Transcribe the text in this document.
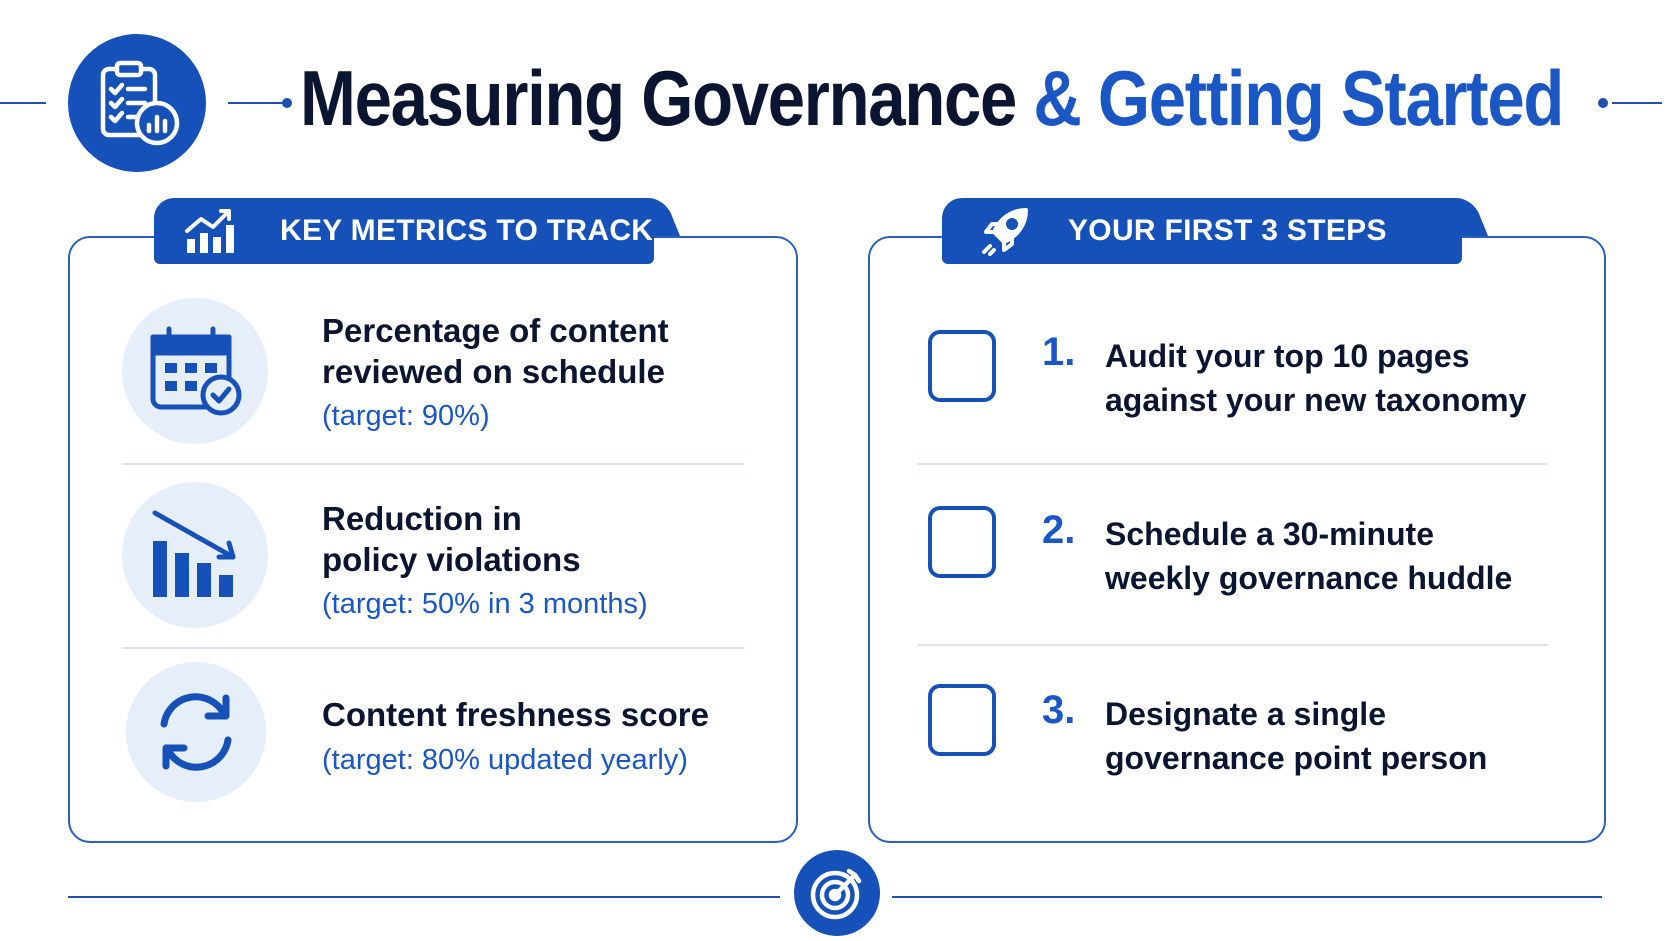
Measuring Governance & Getting Started
KEY METRICS TO TRACK
Percentage of content
reviewed on schedule
(target: 90%)
Reduction in
policy violations
(target: 50% in 3 months)
Content freshness score
(target: 80% updated yearly)
YOUR FIRST 3 STEPS
1. Audit your top 10 pages
against your new taxonomy
2. Schedule a 30-minute
weekly governance huddle
3. Designate a single
governance point person
